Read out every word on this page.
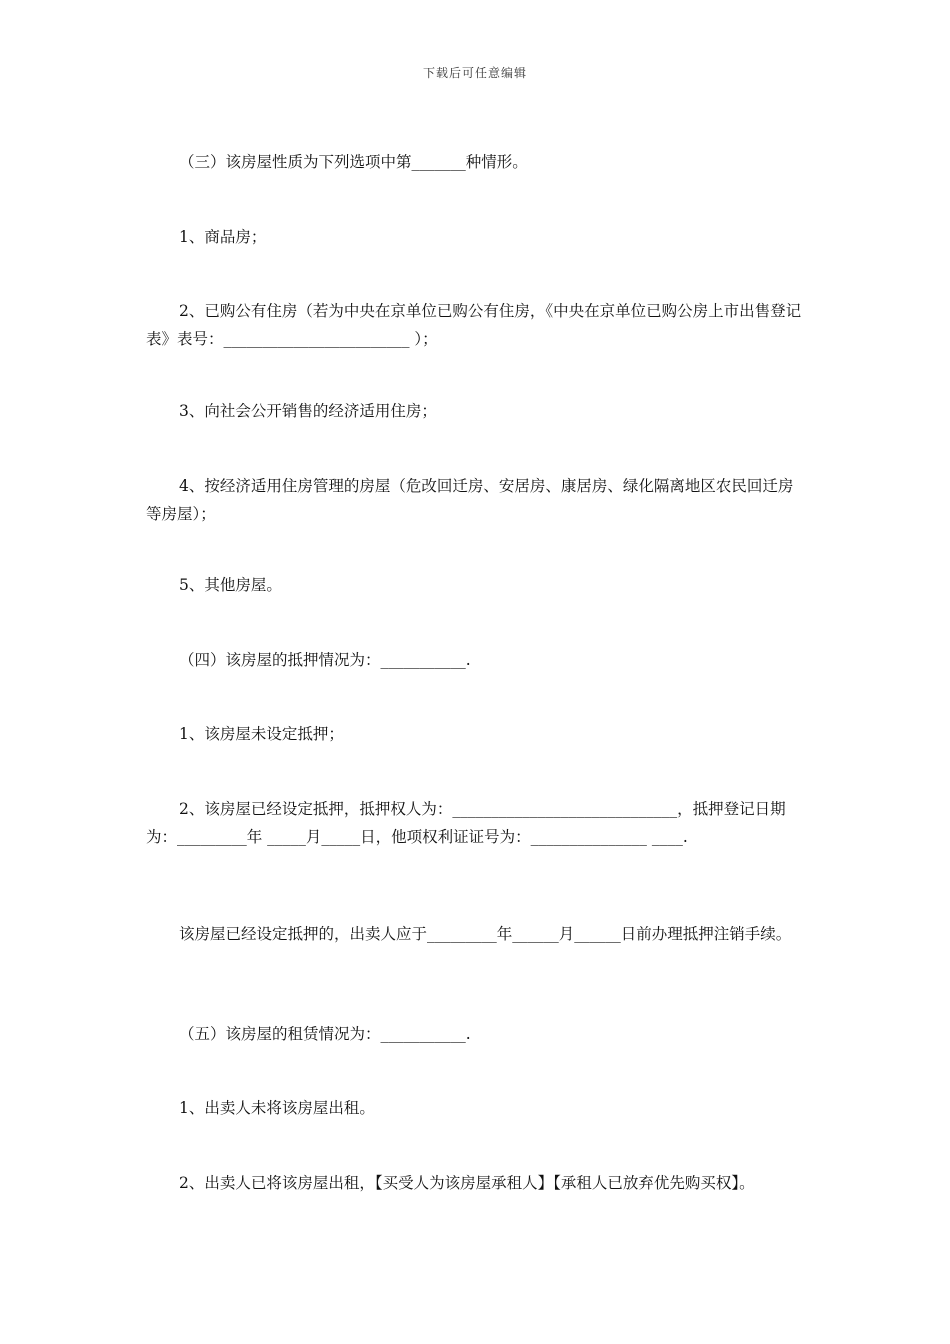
下载后可任意编辑
（三）该房屋性质为下列选项中第_______种情形。
1、商品房；
2、已购公有住房（若为中央在京单位已购公有住房，《中央在京单位已购公房上市出售登记表》表号：________________________ ）；
3、向社会公开销售的经济适用住房；
4、按经济适用住房管理的房屋（危改回迁房、安居房、康居房、绿化隔离地区农民回迁房等房屋）；
5、其他房屋。
（四）该房屋的抵押情况为：___________.
1、该房屋未设定抵押；
2、该房屋已经设定抵押，抵押权人为：_____________________________，抵押登记日期为：_________年 _____月_____日，他项权利证证号为：_______________ ____.
该房屋已经设定抵押的，出卖人应于_________年______月______日前办理抵押注销手续。
（五）该房屋的租赁情况为：___________.
1、出卖人未将该房屋出租。
2、出卖人已将该房屋出租，【买受人为该房屋承租人】【承租人已放弃优先购买权】。
